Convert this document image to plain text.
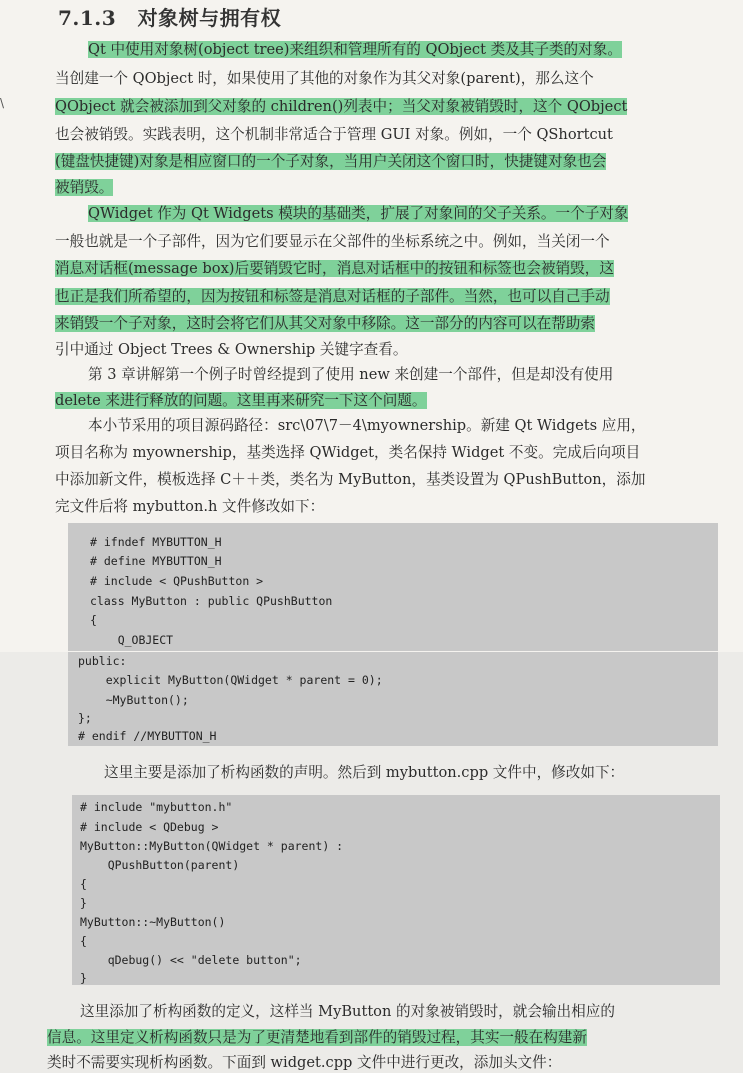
\
7.1.3 对象树与拥有权
Qt 中使用对象树(object tree)来组织和管理所有的 QObject 类及其子类的对象。
当创建一个 QObject 时，如果使用了其他的对象作为其父对象(parent)，那么这个
QObject 就会被添加到父对象的 children()列表中；当父对象被销毁时，这个 QObject
也会被销毁。实践表明，这个机制非常适合于管理 GUI 对象。例如，一个 QShortcut
(键盘快捷键)对象是相应窗口的一个子对象，当用户关闭这个窗口时，快捷键对象也会
被销毁。
QWidget 作为 Qt Widgets 模块的基础类，扩展了对象间的父子关系。一个子对象
一般也就是一个子部件，因为它们要显示在父部件的坐标系统之中。例如，当关闭一个
消息对话框(message box)后要销毁它时，消息对话框中的按钮和标签也会被销毁，这
也正是我们所希望的，因为按钮和标签是消息对话框的子部件。当然，也可以自己手动
来销毁一个子对象，这时会将它们从其父对象中移除。这一部分的内容可以在帮助索
引中通过 Object Trees & Ownership 关键字查看。
第 3 章讲解第一个例子时曾经提到了使用 new 来创建一个部件，但是却没有使用
delete 来进行释放的问题。这里再来研究一下这个问题。
本小节采用的项目源码路径：src\07\7－4\myownership。新建 Qt Widgets 应用，
项目名称为 myownership，基类选择 QWidget，类名保持 Widget 不变。完成后向项目
中添加新文件，模板选择 C＋＋类，类名为 MyButton，基类设置为 QPushButton，添加
完文件后将 mybutton.h 文件修改如下：
# ifndef MYBUTTON_H
# define MYBUTTON_H
# include < QPushButton >
class MyButton : public QPushButton
{
Q_OBJECT
public:
explicit MyButton(QWidget * parent = 0);
~MyButton();
};
# endif //MYBUTTON_H
这里主要是添加了析构函数的声明。然后到 mybutton.cpp 文件中，修改如下：
# include "mybutton.h"
# include < QDebug >
MyButton::MyButton(QWidget * parent) :
QPushButton(parent)
{
}
MyButton::~MyButton()
{
qDebug() << "delete button";
}
这里添加了析构函数的定义，这样当 MyButton 的对象被销毁时，就会输出相应的
信息。这里定义析构函数只是为了更清楚地看到部件的销毁过程，其实一般在构建新
类时不需要实现析构函数。下面到 widget.cpp 文件中进行更改，添加头文件：
